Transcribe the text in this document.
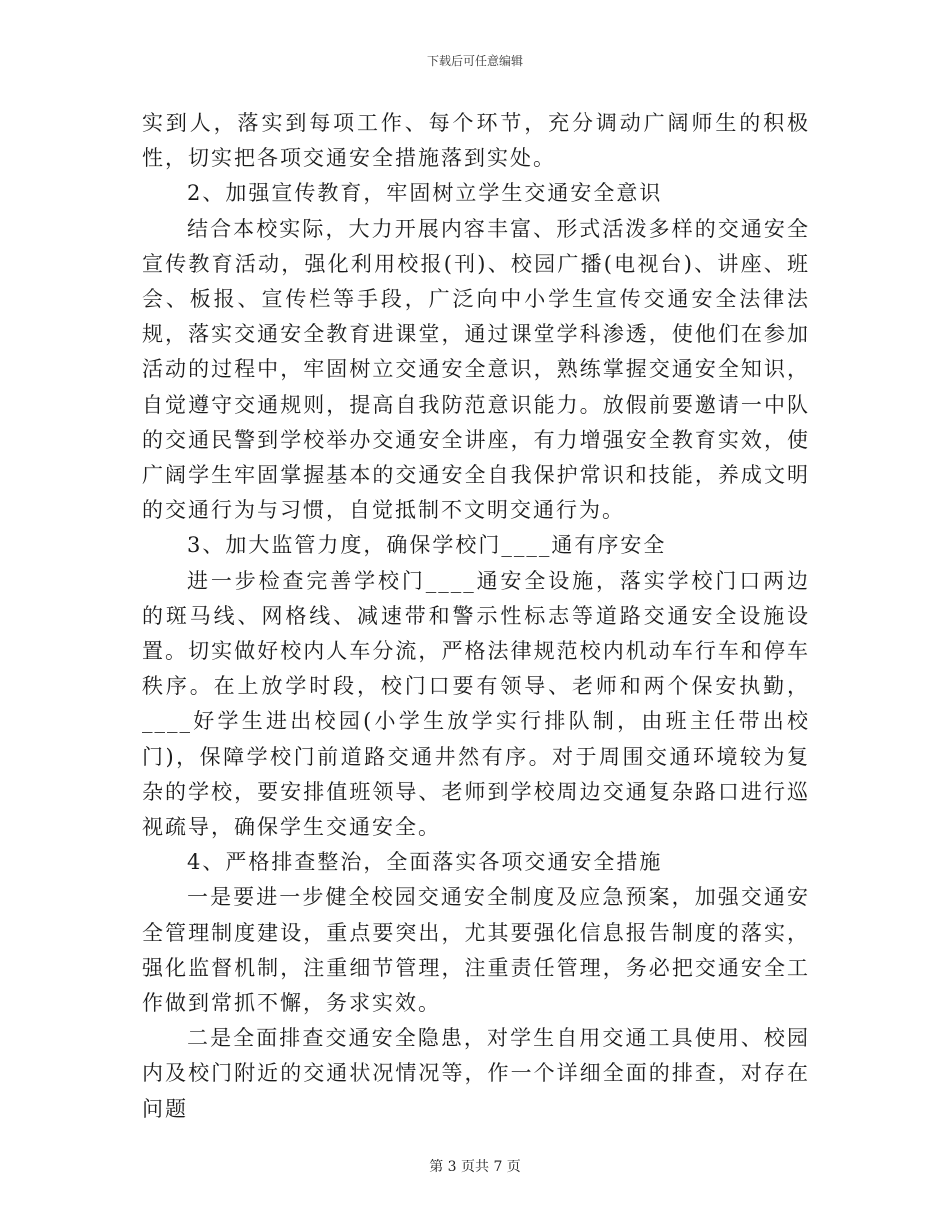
下载后可任意编辑

实到人，落实到每项工作、每个环节，充分调动广阔师生的积极性，切实把各项交通安全措施落到实处。

2、加强宣传教育，牢固树立学生交通安全意识

结合本校实际，大力开展内容丰富、形式活泼多样的交通安全宣传教育活动，强化利用校报(刊)、校园广播(电视台)、讲座、班会、板报、宣传栏等手段，广泛向中小学生宣传交通安全法律法规，落实交通安全教育进课堂，通过课堂学科渗透，使他们在参加活动的过程中，牢固树立交通安全意识，熟练掌握交通安全知识，自觉遵守交通规则，提高自我防范意识能力。放假前要邀请一中队的交通民警到学校举办交通安全讲座，有力增强安全教育实效，使广阔学生牢固掌握基本的交通安全自我保护常识和技能，养成文明的交通行为与习惯，自觉抵制不文明交通行为。

3、加大监管力度，确保学校门____通有序安全

进一步检查完善学校门____通安全设施，落实学校门口两边的斑马线、网格线、减速带和警示性标志等道路交通安全设施设置。切实做好校内人车分流，严格法律规范校内机动车行车和停车秩序。在上放学时段，校门口要有领导、老师和两个保安执勤，____好学生进出校园(小学生放学实行排队制，由班主任带出校门)，保障学校门前道路交通井然有序。对于周围交通环境较为复杂的学校，要安排值班领导、老师到学校周边交通复杂路口进行巡视疏导，确保学生交通安全。

4、严格排查整治，全面落实各项交通安全措施

一是要进一步健全校园交通安全制度及应急预案，加强交通安全管理制度建设，重点要突出，尤其要强化信息报告制度的落实，强化监督机制，注重细节管理，注重责任管理，务必把交通安全工作做到常抓不懈，务求实效。

二是全面排查交通安全隐患，对学生自用交通工具使用、校园内及校门附近的交通状况情况等，作一个详细全面的排查，对存在问题

第 3 页共 7 页
